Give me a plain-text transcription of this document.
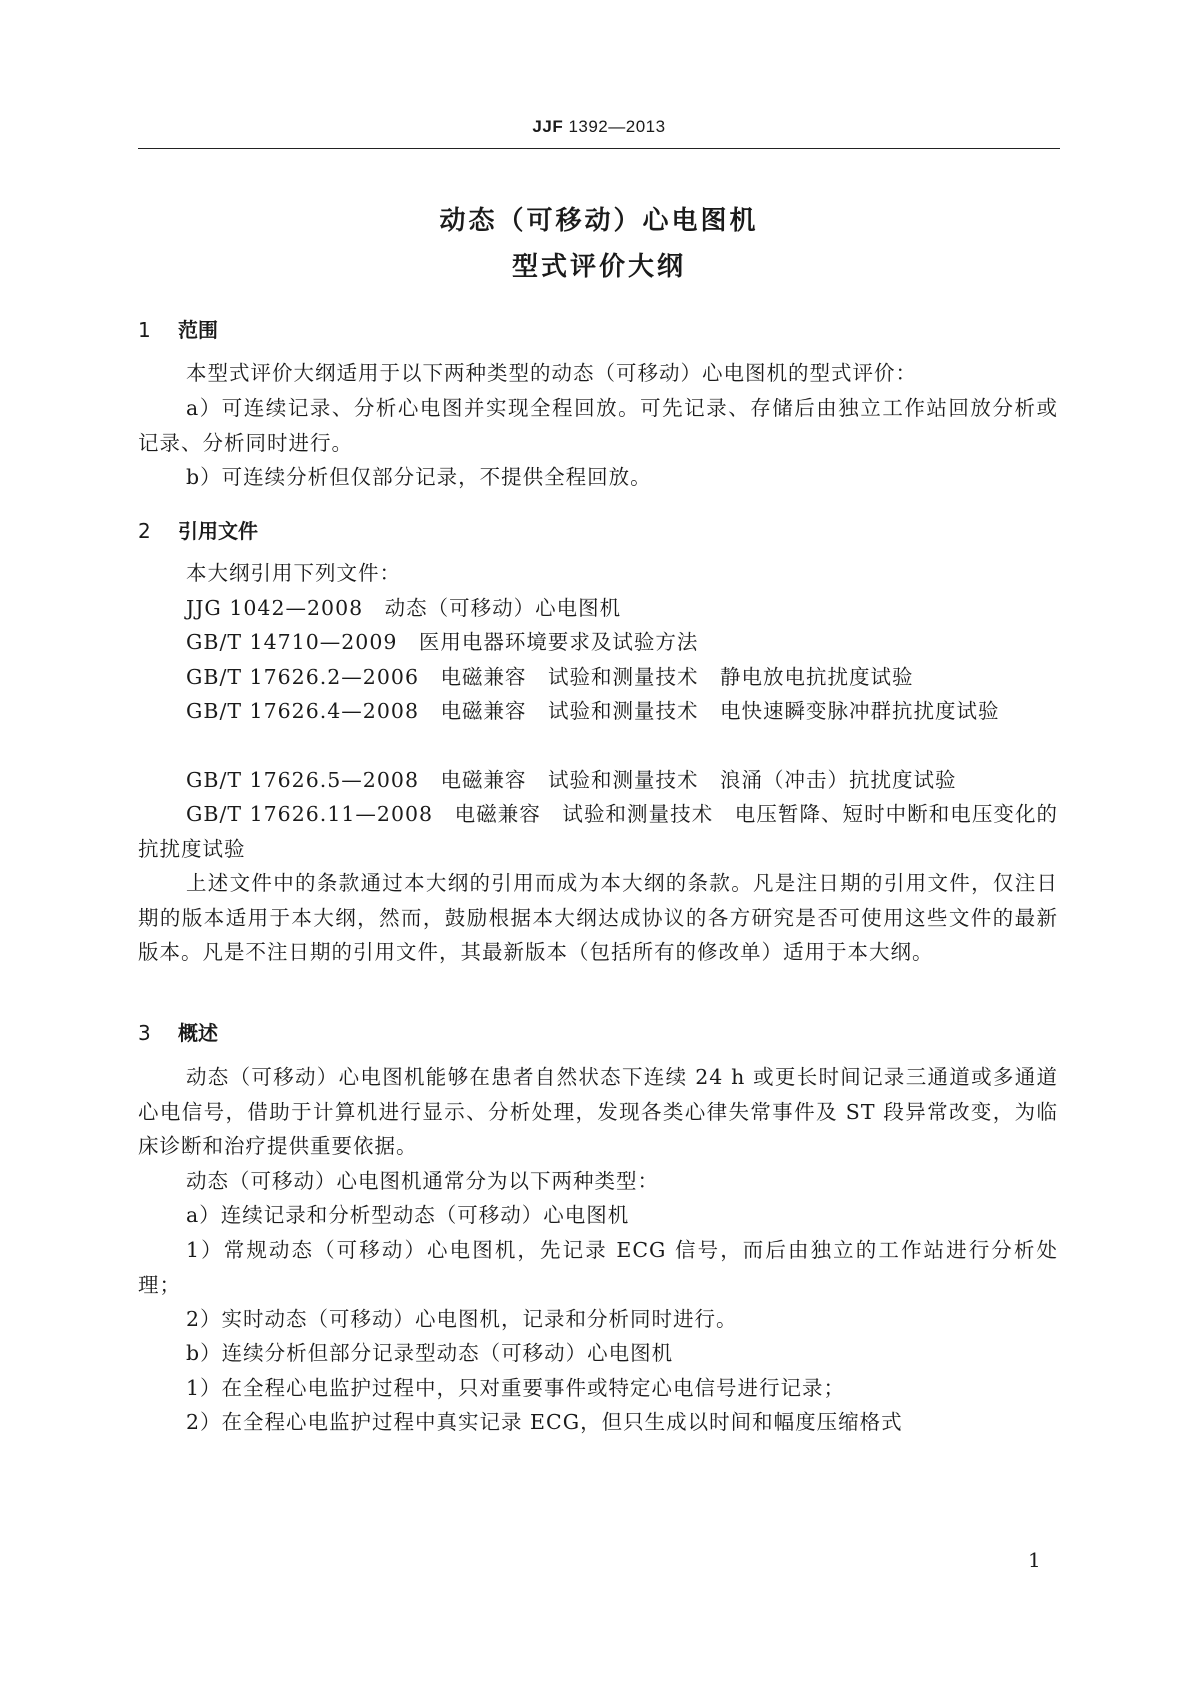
JJF 1392—2013
动态（可移动）心电图机
型式评价大纲
1 范围

本型式评价大纲适用于以下两种类型的动态（可移动）心电图机的型式评价：

a）可连续记录、分析心电图并实现全程回放。可先记录、存储后由独立工作站回放分析或记录、分析同时进行。

b）可连续分析但仅部分记录，不提供全程回放。

2 引用文件

本大纲引用下列文件：

JJG 1042—2008　动态（可移动）心电图机

GB/T 14710—2009　医用电器环境要求及试验方法

GB/T 17626.2—2006　电磁兼容　试验和测量技术　静电放电抗扰度试验

GB/T 17626.4—2008　电磁兼容　试验和测量技术　电快速瞬变脉冲群抗扰度试验

GB/T 17626.5—2008　电磁兼容　试验和测量技术　浪涌（冲击）抗扰度试验

GB/T 17626.11—2008　电磁兼容　试验和测量技术　电压暂降、短时中断和电压变化的抗扰度试验

上述文件中的条款通过本大纲的引用而成为本大纲的条款。凡是注日期的引用文件，仅注日期的版本适用于本大纲，然而，鼓励根据本大纲达成协议的各方研究是否可使用这些文件的最新版本。凡是不注日期的引用文件，其最新版本（包括所有的修改单）适用于本大纲。

3 概述

动态（可移动）心电图机能够在患者自然状态下连续 24 h 或更长时间记录三通道或多通道心电信号，借助于计算机进行显示、分析处理，发现各类心律失常事件及 ST 段异常改变，为临床诊断和治疗提供重要依据。

动态（可移动）心电图机通常分为以下两种类型：

a）连续记录和分析型动态（可移动）心电图机

1）常规动态（可移动）心电图机，先记录 ECG 信号，而后由独立的工作站进行分析处理；

2）实时动态（可移动）心电图机，记录和分析同时进行。

b）连续分析但部分记录型动态（可移动）心电图机

1）在全程心电监护过程中，只对重要事件或特定心电信号进行记录；

2）在全程心电监护过程中真实记录 ECG，但只生成以时间和幅度压缩格式

1
